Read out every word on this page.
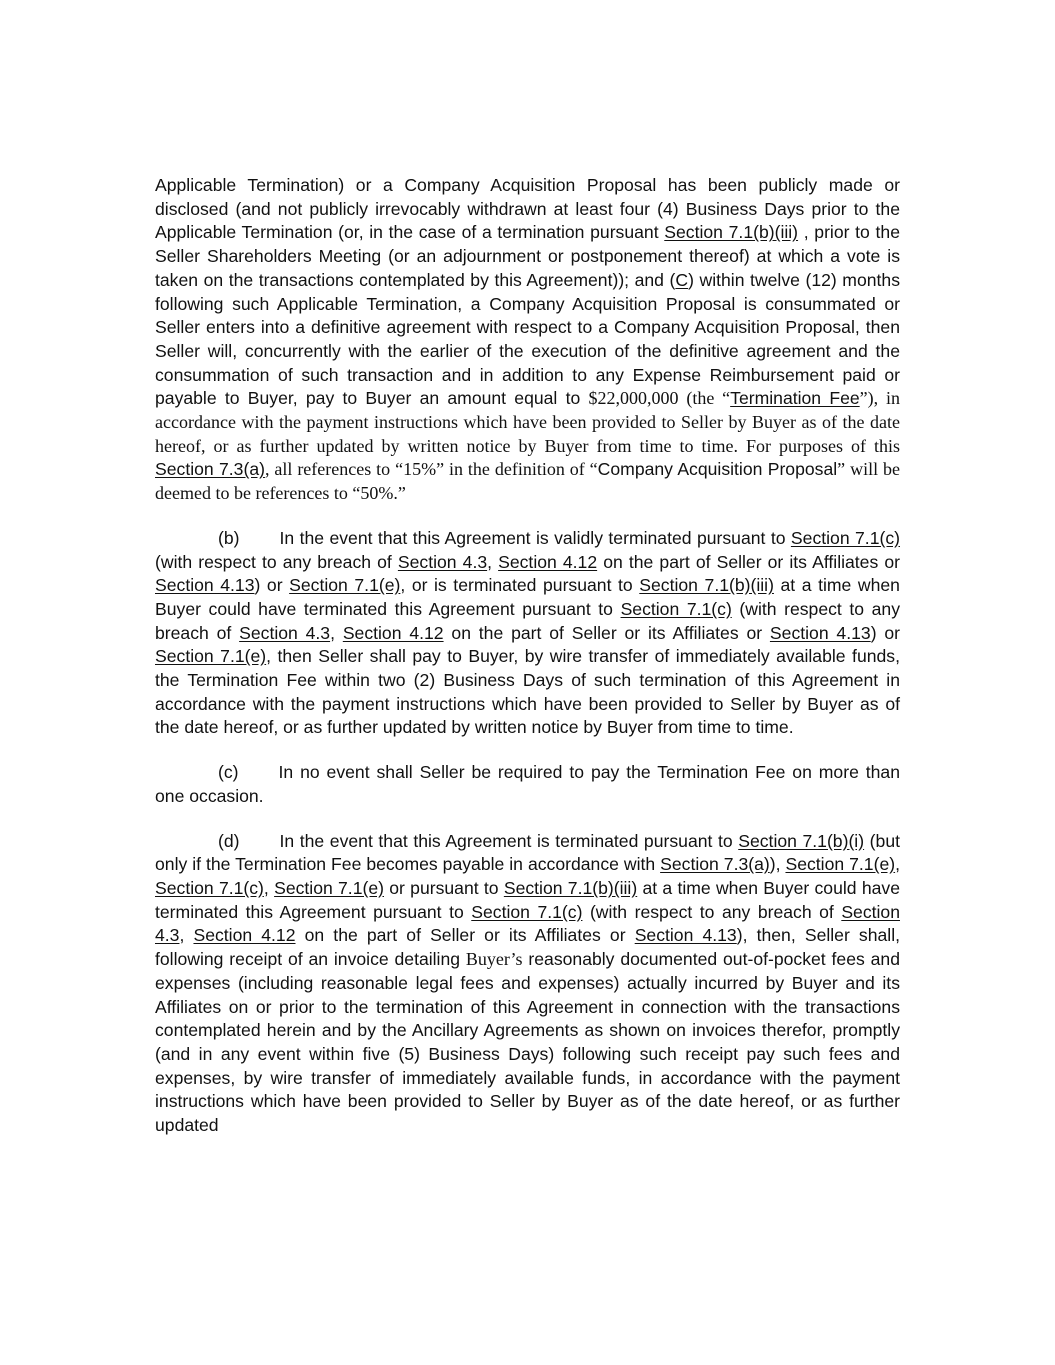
Applicable Termination) or a Company Acquisition Proposal has been publicly made or disclosed (and not publicly irrevocably withdrawn at least four (4) Business Days prior to the Applicable Termination (or, in the case of a termination pursuant Section 7.1(b)(iii) , prior to the Seller Shareholders Meeting (or an adjournment or postponement thereof) at which a vote is taken on the transactions contemplated by this Agreement)); and (C) within twelve (12) months following such Applicable Termination, a Company Acquisition Proposal is consummated or Seller enters into a definitive agreement with respect to a Company Acquisition Proposal, then Seller will, concurrently with the earlier of the execution of the definitive agreement and the consummation of such transaction and in addition to any Expense Reimbursement paid or payable to Buyer, pay to Buyer an amount equal to $22,000,000 (the “Termination Fee”), in accordance with the payment instructions which have been provided to Seller by Buyer as of the date hereof, or as further updated by written notice by Buyer from time to time. For purposes of this Section 7.3(a), all references to “15%” in the definition of “Company Acquisition Proposal” will be deemed to be references to “50%.”

(b) In the event that this Agreement is validly terminated pursuant to Section 7.1(c) (with respect to any breach of Section 4.3, Section 4.12 on the part of Seller or its Affiliates or Section 4.13) or Section 7.1(e), or is terminated pursuant to Section 7.1(b)(iii) at a time when Buyer could have terminated this Agreement pursuant to Section 7.1(c) (with respect to any breach of Section 4.3, Section 4.12 on the part of Seller or its Affiliates or Section 4.13) or Section 7.1(e), then Seller shall pay to Buyer, by wire transfer of immediately available funds, the Termination Fee within two (2) Business Days of such termination of this Agreement in accordance with the payment instructions which have been provided to Seller by Buyer as of the date hereof, or as further updated by written notice by Buyer from time to time.

(c) In no event shall Seller be required to pay the Termination Fee on more than one occasion.

(d) In the event that this Agreement is terminated pursuant to Section 7.1(b)(i) (but only if the Termination Fee becomes payable in accordance with Section 7.3(a)), Section 7.1(e), Section 7.1(c), Section 7.1(e) or pursuant to Section 7.1(b)(iii) at a time when Buyer could have terminated this Agreement pursuant to Section 7.1(c) (with respect to any breach of Section 4.3, Section 4.12 on the part of Seller or its Affiliates or Section 4.13), then, Seller shall, following receipt of an invoice detailing Buyer’s reasonably documented out-of-pocket fees and expenses (including reasonable legal fees and expenses) actually incurred by Buyer and its Affiliates on or prior to the termination of this Agreement in connection with the transactions contemplated herein and by the Ancillary Agreements as shown on invoices therefor, promptly (and in any event within five (5) Business Days) following such receipt pay such fees and expenses, by wire transfer of immediately available funds, in accordance with the payment instructions which have been provided to Seller by Buyer as of the date hereof, or as further updated
